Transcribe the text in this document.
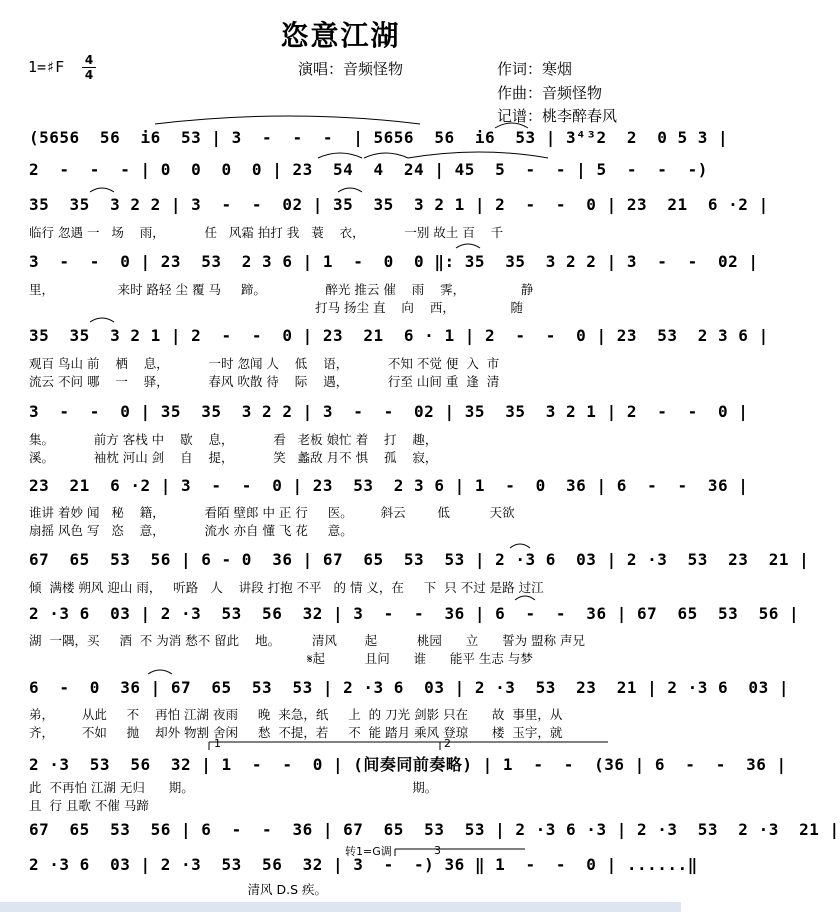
恣意江湖
1=♯F 4
4	演唱：音频怪物	作词：寒烟
作曲：音频怪物
记谱：桃李醉春风
(5656  56  i6  53 | 3  -  -  -  | 5656  56  i6  53 | 3⁴³2  2  0 5 3 |
2  -  -  - | 0  0  0  0 | 23  54  4  24 | 45  5  -  - | 5  -  -  -)
35  35  3 2 2 | 3  -  -  02 | 35  35  3 2 1 | 2  -  -  0 | 23  21  6 ·2 |
临行 忽遇 一   场    雨，          任   风霜 拍打 我   蓑    衣，          一别 故土 百    千
3  -  -  0 | 23  53  2 3 6 | 1  -  0  0 ‖: 35  35  3 2 2 | 3  -  -  02 |
里，                来时 路轻 尘 覆 马     蹄。               醉光 推云 催    雨    霁，              静
打马 扬尘 直    向    西，              随
35  35  3 2 1 | 2  -  -  0 | 23  21  6 · 1 | 2  -  -  0 | 23  53  2 3 6 |
观百 鸟山 前    栖    息，          一时 忽闻 人    低    语，          不知 不觉 便  入  市
流云 不问 哪    一    驿，          春风 吹散 待    际    遇，          行至 山间 重  逢  清
3  -  -  0 | 35  35  3 2 2 | 3  -  -  02 | 35  35  3 2 1 | 2  -  -  0 |
集。          前方 客栈 中    歇    息，          看   老板 娘忙 着    打    趣，
溪。          袖枕 河山 剑    自    提，          笑   蠡敌 月不 惧    孤    寂，
23  21  6 ·2 | 3  -  -  0 | 23  53  2 3 6 | 1  -  0  36 | 6  -  -  36 |
谁讲 着妙 闻   秘    籍，          看陌 壁郎 中 正 行     医。       斜云        低          天欲
扇摇 风色 写   恣    意，          流水 亦自 懂 飞 花     意。
67  65  53  56 | 6 - 0  36 | 67  65  53  53 | 2 ·3 6  03 | 2 ·3  53  23  21 |
倾  满楼 朔风 迎山 雨，   听路   人    讲段 打抱 不平   的 情 义，在     下  只 不过 是路 过江
2 ·3 6  03 | 2 ·3  53  56  32 | 3  -  -  36 | 6  -  -  36 | 67  65  53  56 |
湖  一隅，买     酒  不 为消 愁不 留此    地。        清风       起          桃园      立      誓为 盟称 声兄
𝄋起          且问      谁      能平 生志 与梦
6  -  0  36 | 67  65  53  53 | 2 ·3 6  03 | 2 ·3  53  23  21 | 2 ·3 6  03 |
弟，       从此     不    再怕 江湖 夜雨     晚  来急，纸     上  的 刀光 剑影 只在      故  事里，从
齐，       不如     抛    却外 物割 舍闲     愁  不提，若     不  能 踏月 乘风 登琼      楼  玉宇，就
2 ·3  53  56  32 | 1  -  -  0 | (间奏同前奏略) | 1  -  -  (36 | 6  -  -  36 |
此  不再怕 江湖 无归      期。                                                       期。
且  行 且歌 不催 马蹄
67  65  53  56 | 6  -  -  36 | 67  65  53  53 | 2 ·3 6 ·3 | 2 ·3  53  2 ·3  21 |
2 ·3 6  03 | 2 ·3  53  56  32 | 3  -  -) 36 ‖ 1  -  -  0 | ......‖
清风 D.S 疾。
1	2
3
转1=G调
